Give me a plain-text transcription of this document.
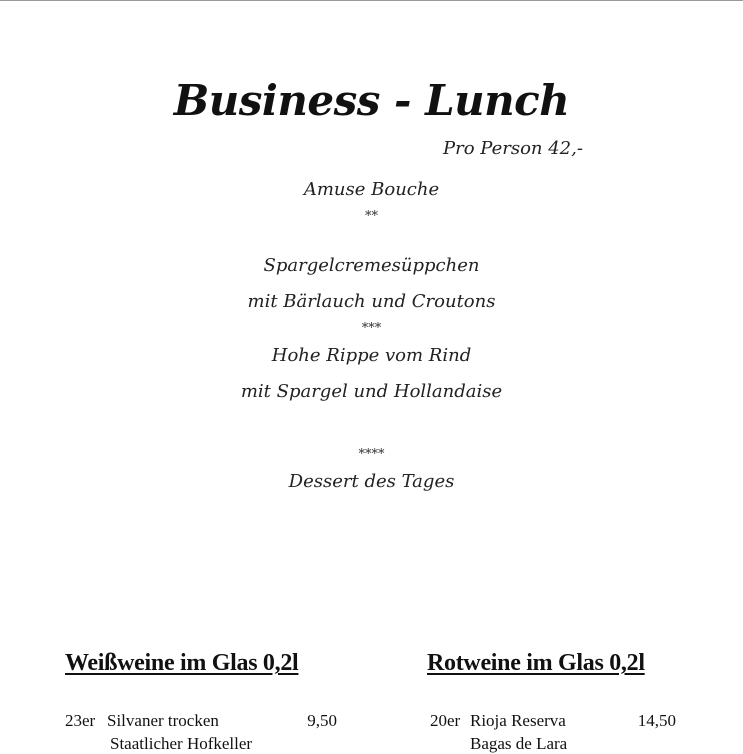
Business - Lunch
Pro Person 42,-
Amuse Bouche
**
Spargelcremesüppchen
mit Bärlauch und Croutons
***
Hohe Rippe vom Rind
mit Spargel und Hollandaise
****
Dessert des Tages
Weißweine im Glas 0,2l	Rotweine im Glas 0,2l
23er Silvaner trocken	9,50
Staatlicher Hofkeller
20er Rioja Reserva	14,50
Bagas de Lara
